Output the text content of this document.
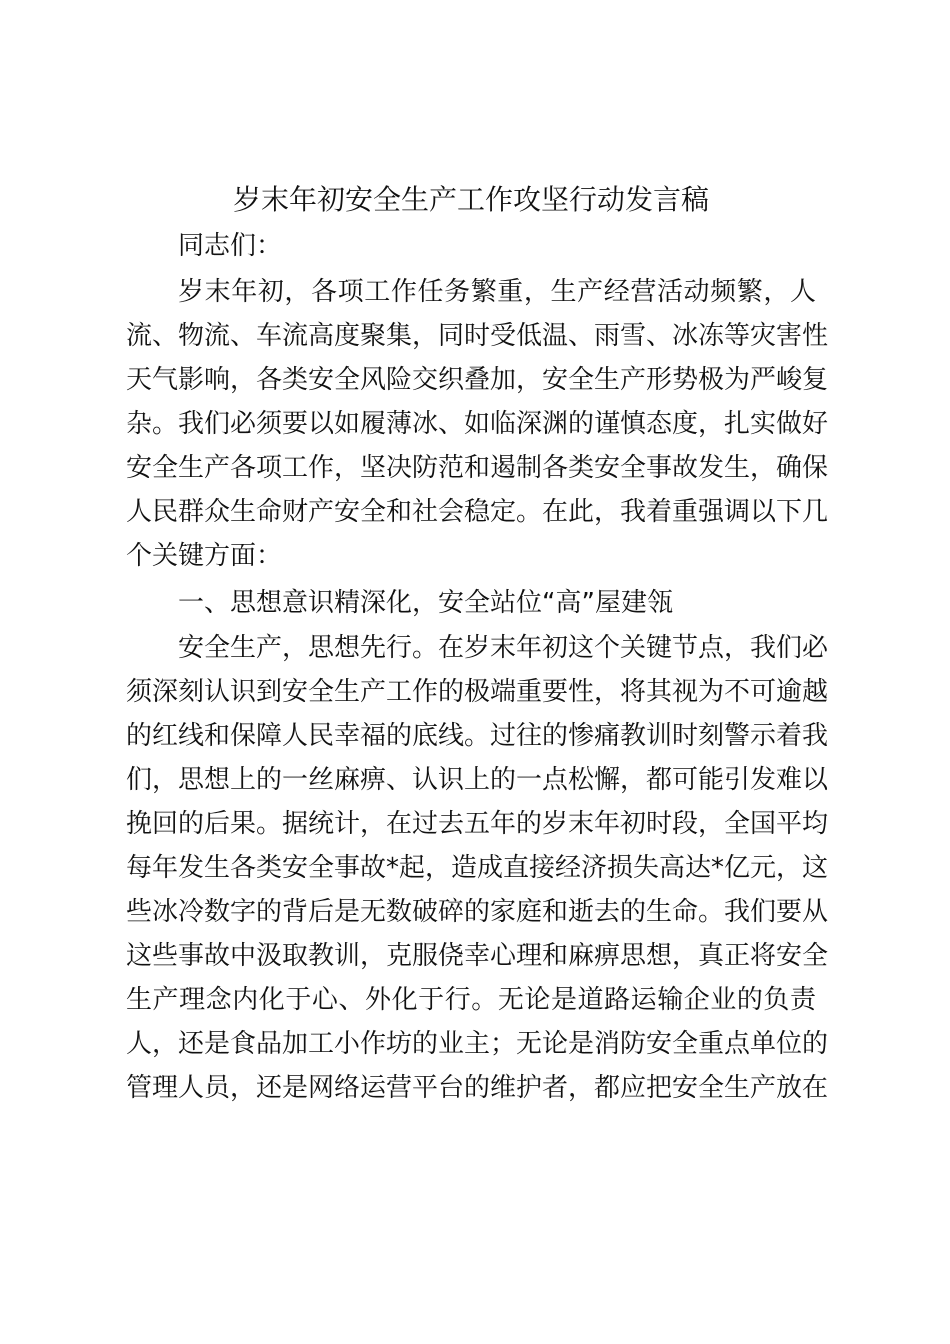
岁末年初安全生产工作攻坚行动发言稿

同志们：

岁末年初，各项工作任务繁重，生产经营活动频繁，人

流、物流、车流高度聚集，同时受低温、雨雪、冰冻等灾害性

天气影响，各类安全风险交织叠加，安全生产形势极为严峻复

杂。我们必须要以如履薄冰、如临深渊的谨慎态度，扎实做好

安全生产各项工作，坚决防范和遏制各类安全事故发生，确保

人民群众生命财产安全和社会稳定。在此，我着重强调以下几

个关键方面：

一、思想意识精深化，安全站位“高”屋建瓴

安全生产，思想先行。在岁末年初这个关键节点，我们必

须深刻认识到安全生产工作的极端重要性，将其视为不可逾越

的红线和保障人民幸福的底线。过往的惨痛教训时刻警示着我

们，思想上的一丝麻痹、认识上的一点松懈，都可能引发难以

挽回的后果。据统计，在过去五年的岁末年初时段，全国平均

每年发生各类安全事故*起，造成直接经济损失高达*亿元，这

些冰冷数字的背后是无数破碎的家庭和逝去的生命。我们要从

这些事故中汲取教训，克服侥幸心理和麻痹思想，真正将安全

生产理念内化于心、外化于行。无论是道路运输企业的负责

人，还是食品加工小作坊的业主；无论是消防安全重点单位的

管理人员，还是网络运营平台的维护者，都应把安全生产放在
